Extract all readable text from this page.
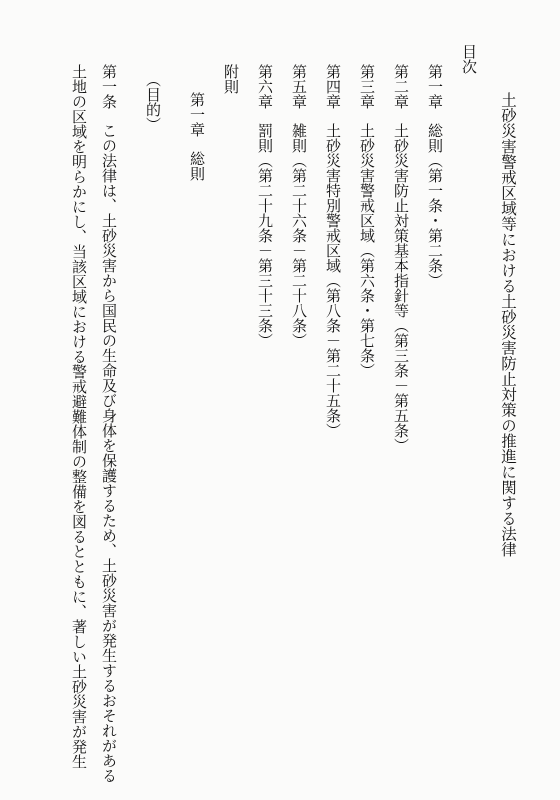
土砂災害警戒区域等における土砂災害防止対策の推進に関する法律
目次
第一章総則（第一条・第二条）
第二章土砂災害防止対策基本指針等（第三条－第五条）
第三章土砂災害警戒区域（第六条・第七条）
第四章土砂災害特別警戒区域（第八条－第二十五条）
第五章雑則（第二十六条－第二十八条）
第六章罰則（第二十九条－第三十三条）
附則
第一章総則
（目的）
第一条この法律は、土砂災害から国民の生命及び身体を保護するため、土砂災害が発生するおそれがある
土地の区域を明らかにし、当該区域における警戒避難体制の整備を図るとともに、著しい土砂災害が発生
